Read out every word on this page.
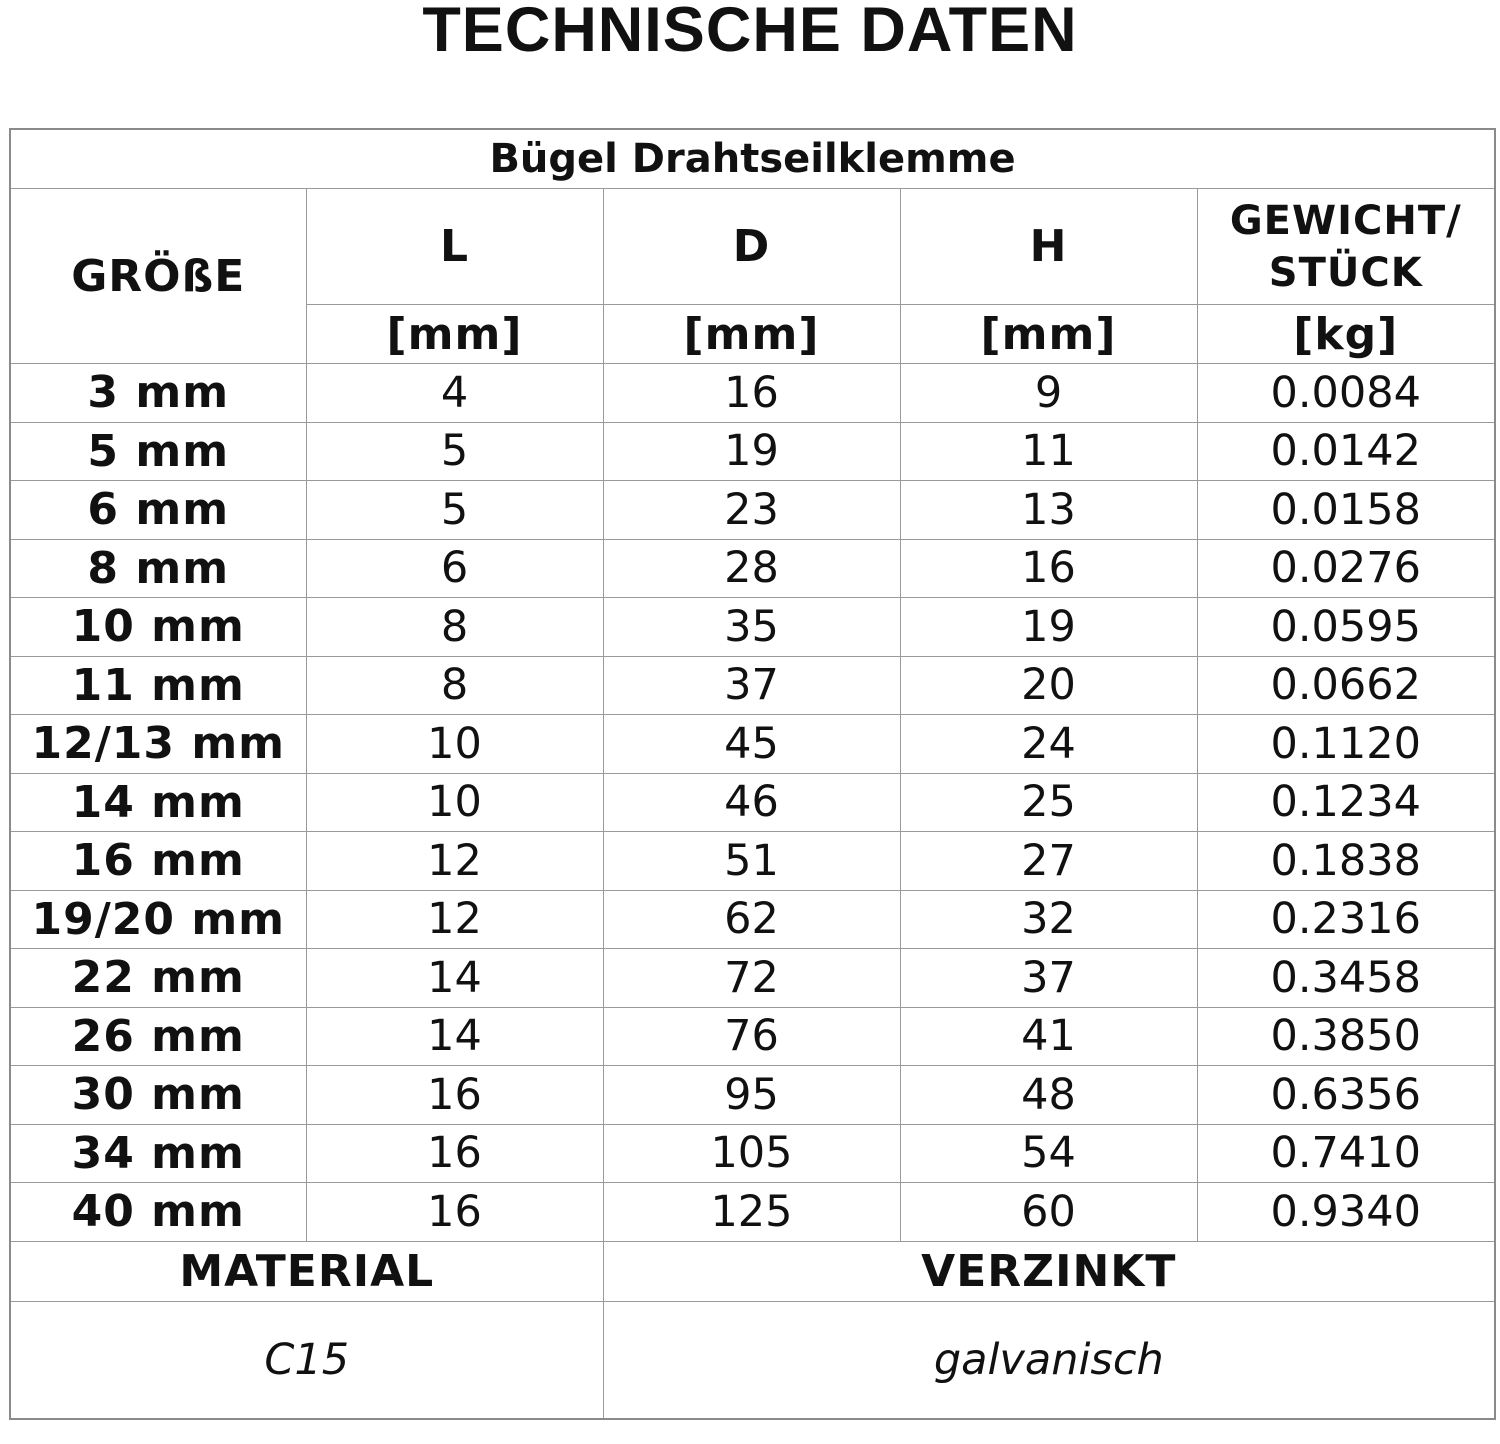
TECHNISCHE DATEN
Bügel Drahtseilklemme				
GRÖßE	L	D	H	GEWICHT/
STÜCK

	[mm]	[mm]	[mm]	[kg]
3 mm	4	16	9	0.0084
5 mm	5	19	11	0.0142
6 mm	5	23	13	0.0158
8 mm	6	28	16	0.0276
10 mm	8	35	19	0.0595
11 mm	8	37	20	0.0662
12/13 mm	10	45	24	0.1120
14 mm	10	46	25	0.1234
16 mm	12	51	27	0.1838
19/20 mm	12	62	32	0.2316
22 mm	14	72	37	0.3458
26 mm	14	76	41	0.3850
30 mm	16	95	48	0.6356
34 mm	16	105	54	0.7410
40 mm	16	125	60	0.9340
MATERIAL		VERZINKT		
C15		galvanisch		
